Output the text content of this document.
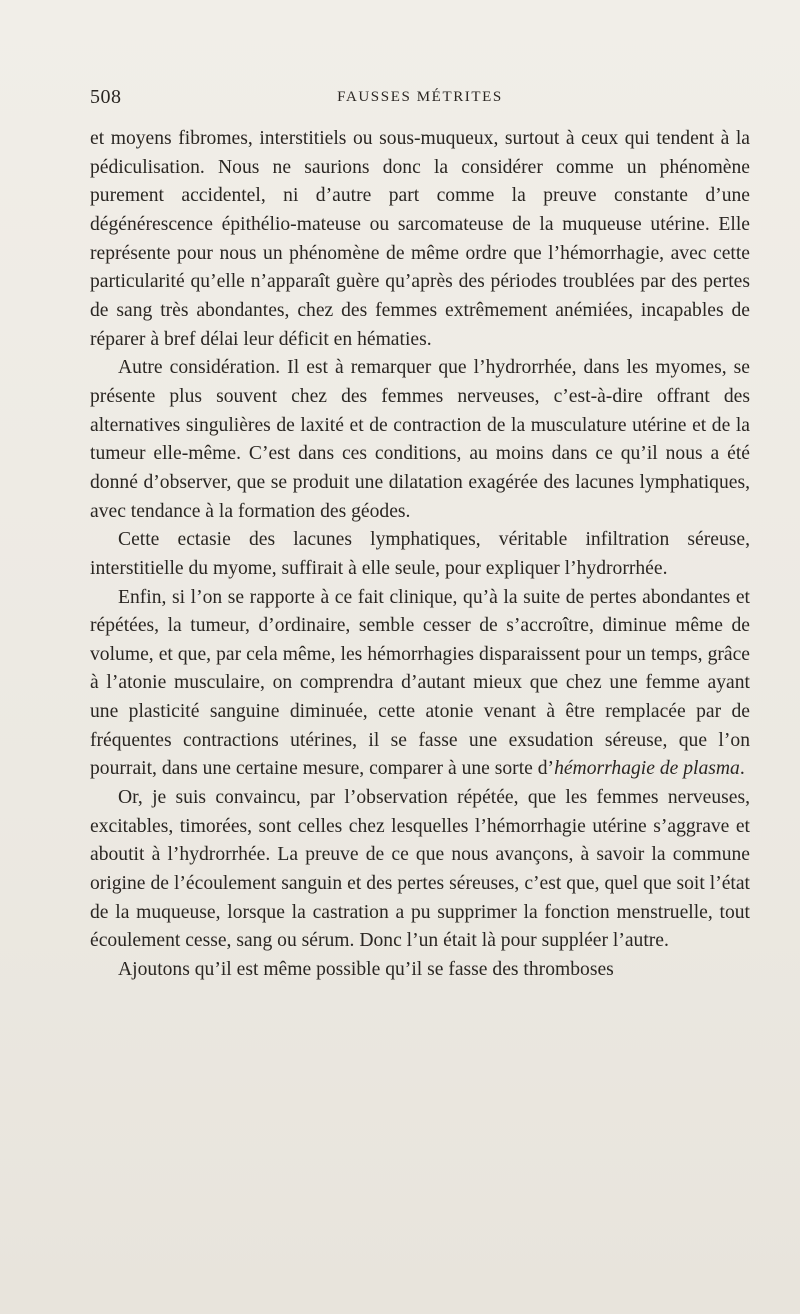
508	FAUSSES MÉTRITES

et moyens fibromes, interstitiels ou sous-muqueux, surtout à ceux qui tendent à la pédiculisation. Nous ne saurions donc la considérer comme un phénomène purement accidentel, ni d’autre part comme la preuve constante d’une dégénérescence épithélio-mateuse ou sarcomateuse de la muqueuse utérine. Elle représente pour nous un phénomène de même ordre que l’hémorrhagie, avec cette particularité qu’elle n’apparaît guère qu’après des périodes troublées par des pertes de sang très abondantes, chez des femmes extrêmement anémiées, incapables de réparer à bref délai leur déficit en hématies.

Autre considération. Il est à remarquer que l’hydrorrhée, dans les myomes, se présente plus souvent chez des femmes nerveuses, c’est-à-dire offrant des alternatives singulières de laxité et de contraction de la musculature utérine et de la tumeur elle-même. C’est dans ces conditions, au moins dans ce qu’il nous a été donné d’observer, que se produit une dilatation exagérée des lacunes lymphatiques, avec tendance à la formation des géodes.

Cette ectasie des lacunes lymphatiques, véritable infiltration séreuse, interstitielle du myome, suffirait à elle seule, pour expliquer l’hydrorrhée.

Enfin, si l’on se rapporte à ce fait clinique, qu’à la suite de pertes abondantes et répétées, la tumeur, d’ordinaire, semble cesser de s’accroître, diminue même de volume, et que, par cela même, les hémorrhagies disparaissent pour un temps, grâce à l’atonie musculaire, on comprendra d’autant mieux que chez une femme ayant une plasticité sanguine diminuée, cette atonie venant à être remplacée par de fréquentes contractions utérines, il se fasse une exsudation séreuse, que l’on pourrait, dans une certaine mesure, comparer à une sorte d’hémorrhagie de plasma.

Or, je suis convaincu, par l’observation répétée, que les femmes nerveuses, excitables, timorées, sont celles chez lesquelles l’hémorrhagie utérine s’aggrave et aboutit à l’hydrorrhée. La preuve de ce que nous avançons, à savoir la commune origine de l’écoulement sanguin et des pertes séreuses, c’est que, quel que soit l’état de la muqueuse, lorsque la castration a pu supprimer la fonction menstruelle, tout écoulement cesse, sang ou sérum. Donc l’un était là pour suppléer l’autre.

Ajoutons qu’il est même possible qu’il se fasse des thromboses
